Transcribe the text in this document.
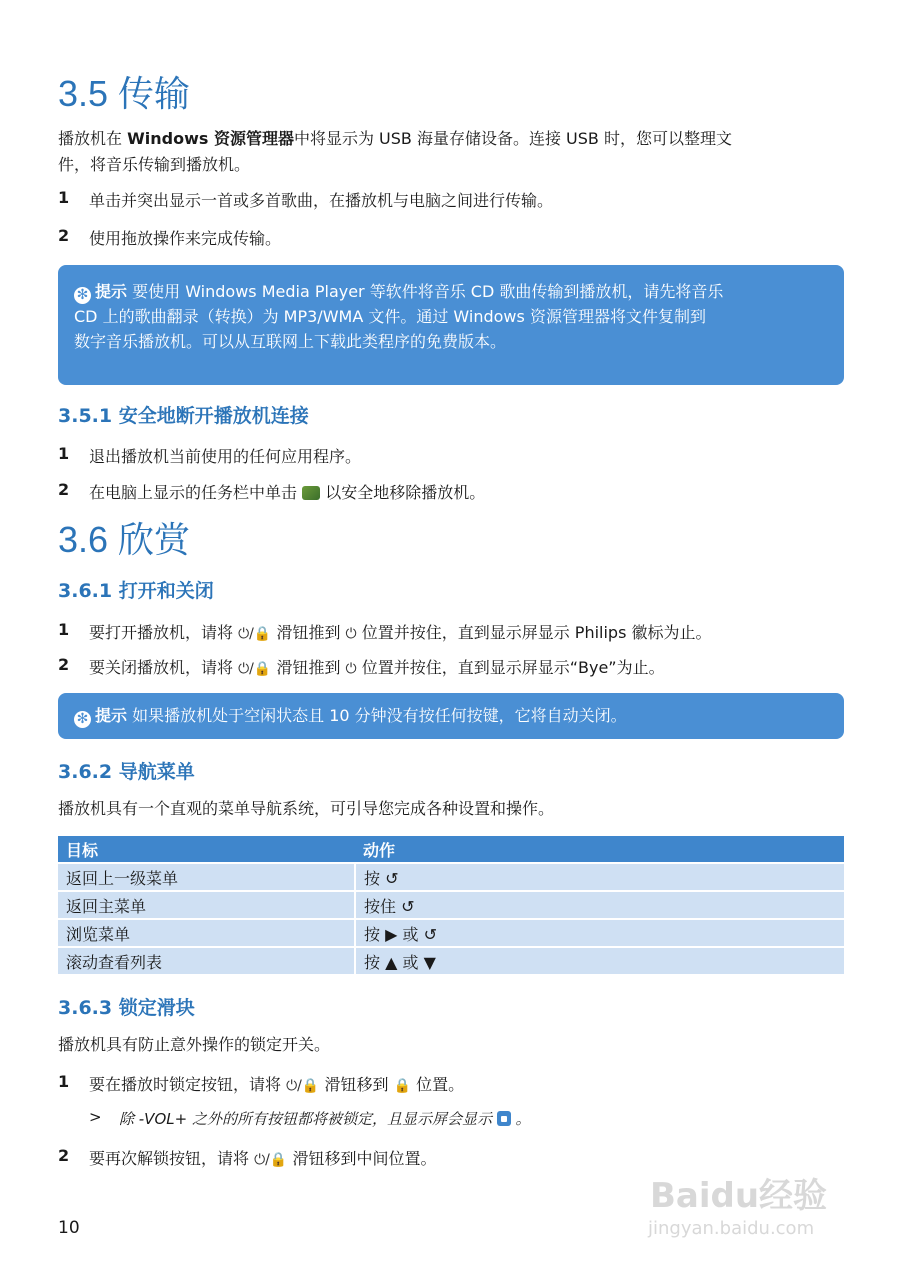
3.5 传输
播放机在 Windows 资源管理器中将显示为 USB 海量存储设备。连接 USB 时，您可以整理文
件，将音乐传输到播放机。
1 单击并突出显示一首或多首歌曲，在播放机与电脑之间进行传输。
2 使用拖放操作来完成传输。
✻ 提示 要使用 Windows Media Player 等软件将音乐 CD 歌曲传输到播放机，请先将音乐
CD 上的歌曲翻录（转换）为 MP3/WMA 文件。通过 Windows 资源管理器将文件复制到
数字音乐播放机。可以从互联网上下载此类程序的免费版本。
3.5.1 安全地断开播放机连接
1 退出播放机当前使用的任何应用程序。
2 在电脑上显示的任务栏中单击 以安全地移除播放机。
3.6 欣赏
3.6.1 打开和关闭
1 要打开播放机，请将 ⏻/🔒 滑钮推到 ⏻ 位置并按住，直到显示屏显示 Philips 徽标为止。
2 要关闭播放机，请将 ⏻/🔒 滑钮推到 ⏻ 位置并按住，直到显示屏显示“Bye”为止。
✻ 提示 如果播放机处于空闲状态且 10 分钟没有按任何按键，它将自动关闭。
3.6.2 导航菜单
播放机具有一个直观的菜单导航系统，可引导您完成各种设置和操作。
目标	动作
返回上一级菜单	按 ↺
返回主菜单	按住 ↺
浏览菜单	按 ▶ 或 ↺
滚动查看列表	按 ▲ 或 ▼
3.6.3 锁定滑块
播放机具有防止意外操作的锁定开关。
1 要在播放时锁定按钮，请将 ⏻/🔒 滑钮移到 🔒 位置。
> 除 -VOL+ 之外的所有按钮都将被锁定，且显示屏会显示 。
2 要再次解锁按钮，请将 ⏻/🔒 滑钮移到中间位置。
10
Baidu经验
jingyan.baidu.com
